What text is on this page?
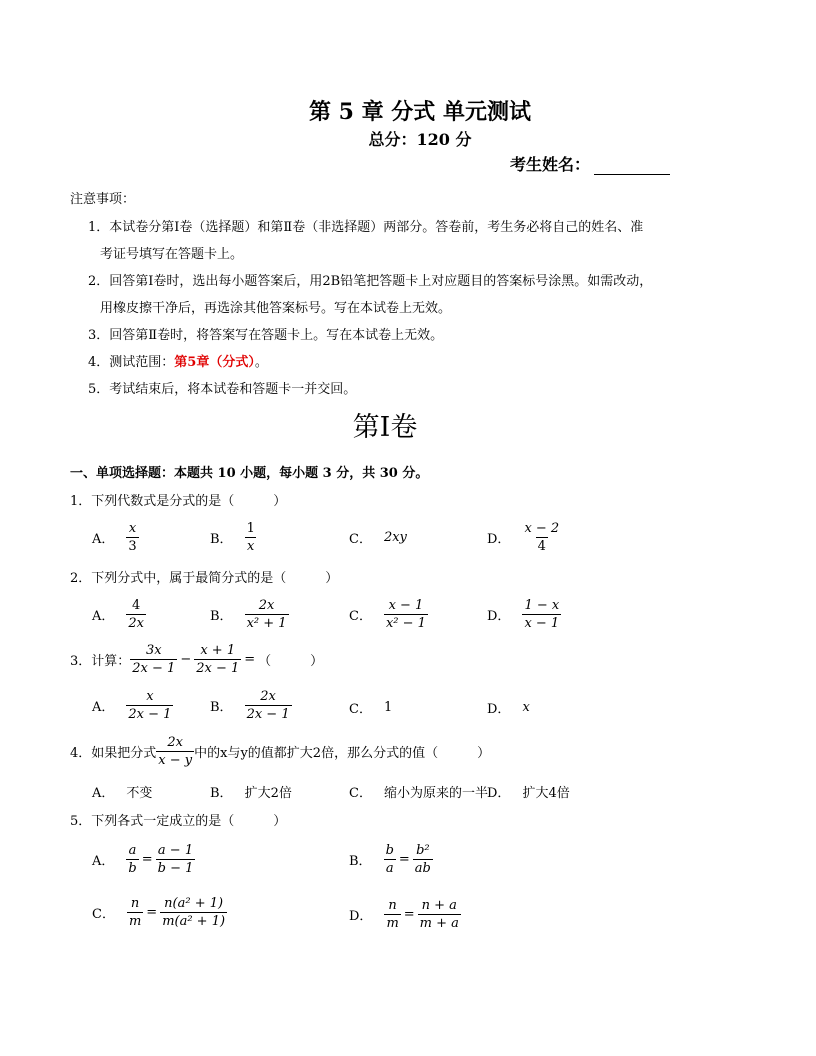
第 5 章 分式 单元测试
总分：120 分
考生姓名：
注意事项：
1．本试卷分第Ⅰ卷（选择题）和第Ⅱ卷（非选择题）两部分。答卷前，考生务必将自己的姓名、准
考证号填写在答题卡上。
2．回答第Ⅰ卷时，选出每小题答案后，用2B铅笔把答题卡上对应题目的答案标号涂黑。如需改动，
用橡皮擦干净后，再选涂其他答案标号。写在本试卷上无效。
3．回答第Ⅱ卷时，将答案写在答题卡上。写在本试卷上无效。
4．测试范围：第5章（分式）。
5．考试结束后，将本试卷和答题卡一并交回。
第Ⅰ卷
一、单项选择题：本题共 10 小题，每小题 3 分，共 30 分。
1．下列代数式是分式的是（　　　）
A． $\frac{x}{3}$	B． $\frac{1}{x}$	C． 2xy	D． $\frac{x - 2}{4}$
2．下列分式中，属于最简分式的是（　　　）
A． $\frac{4}{2x}$	B． $\frac{2x}{\text{x² + 1}}$	C． $\frac{x - 1}{\text{x² − 1}}$	D． $\frac{1 - x}{x - 1}$
3．计算： $\frac{3x}{2x - 1} - \frac{x + 1}{2x - 1}$ = （　　　）
A． $\frac{x}{2x - 1}$	B． $\frac{2x}{2x - 1}$	C． 1	D． x
4．如果把分式 $\frac{2x}{x - y}$ 中的x与y的值都扩大2倍，那么分式的值（　　　）
A． 不变	B． 扩大2倍	C． 缩小为原来的一半 D． 扩大4倍
5．下列各式一定成立的是（　　　）
A． $\frac{a}{b} = \frac{a - 1}{b - 1}$	B． $\frac{b}{a} = \frac{\text{b²}}{ab}$
C． $\frac{n}{m} = \frac{\text{n(a² + 1)}}{\text{m(a² + 1)}}$	D． $\frac{n}{m} = \frac{n + a}{m + a}$
